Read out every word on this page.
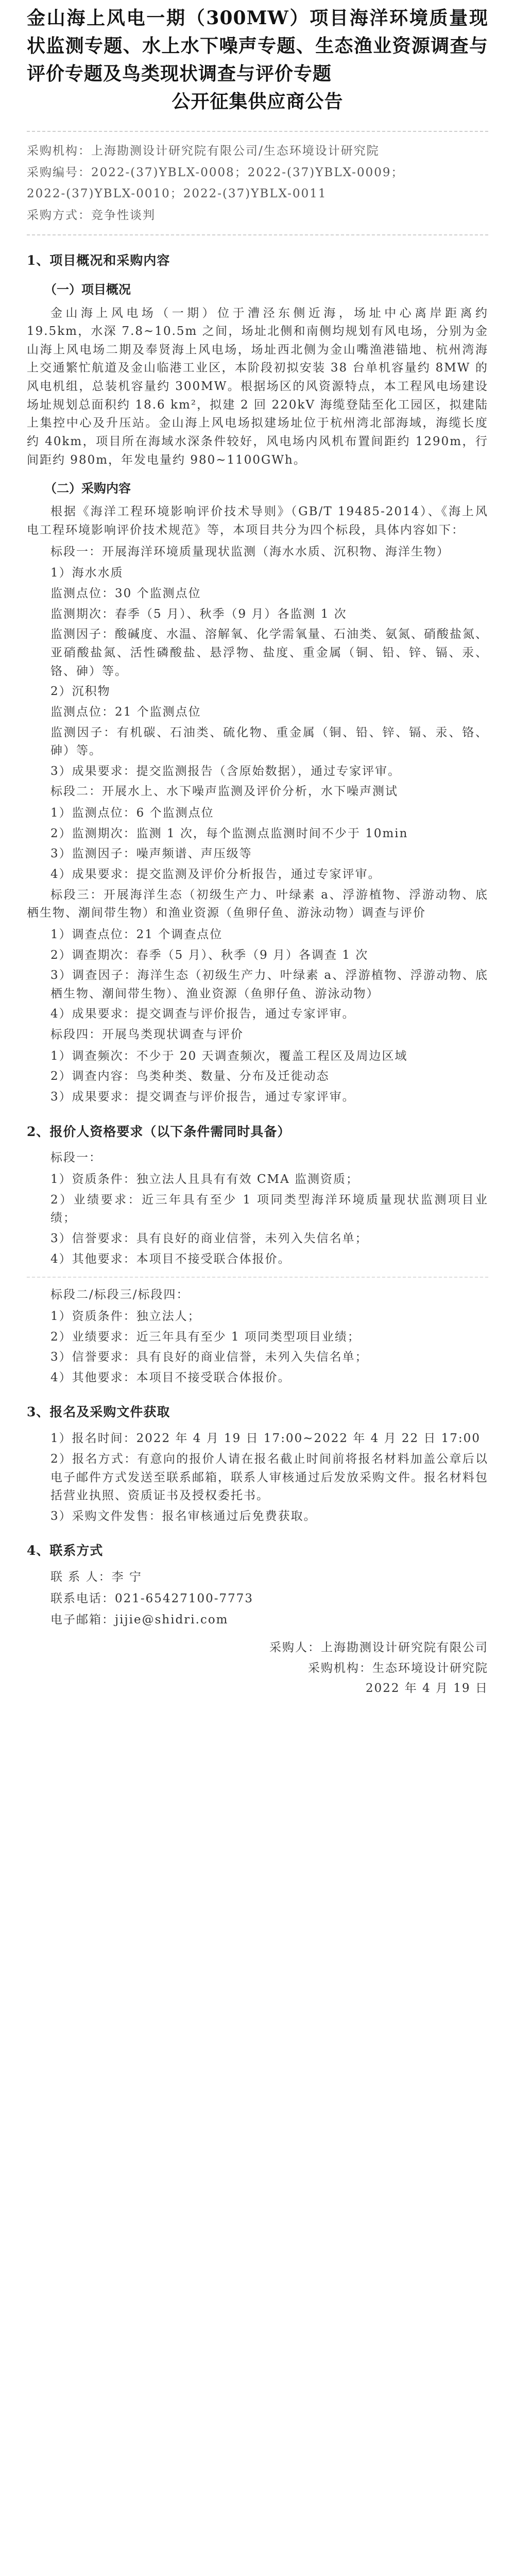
金山海上风电一期（300MW）项目海洋环境质量现状监测专题、水上水下噪声专题、生态渔业资源调查与评价专题及鸟类现状调查与评价专题
公开征集供应商公告
采购机构：上海勘测设计研究院有限公司/生态环境设计研究院
采购编号：2022-(37)YBLX-0008；2022-(37)YBLX-0009；
2022-(37)YBLX-0010；2022-(37)YBLX-0011
采购方式：竞争性谈判
1、项目概况和采购内容
（一）项目概况

金山海上风电场（一期）位于漕泾东侧近海，场址中心离岸距离约 19.5km，水深 7.8~10.5m 之间，场址北侧和南侧均规划有风电场，分别为金山海上风电场二期及奉贤海上风电场，场址西北侧为金山嘴渔港锚地、杭州湾海上交通繁忙航道及金山临港工业区，本阶段初拟安装 38 台单机容量约 8MW 的风电机组，总装机容量约 300MW。根据场区的风资源特点，本工程风电场建设场址规划总面积约 18.6 km²，拟建 2 回 220kV 海缆登陆至化工园区，拟建陆上集控中心及升压站。金山海上风电场拟建场址位于杭州湾北部海域，海缆长度约 40km，项目所在海域水深条件较好，风电场内风机布置间距约 1290m，行间距约 980m，年发电量约 980~1100GWh。

（二）采购内容

根据《海洋工程环境影响评价技术导则》（GB/T 19485-2014）、《海上风电工程环境影响评价技术规范》等，本项目共分为四个标段，具体内容如下：

标段一：开展海洋环境质量现状监测（海水水质、沉积物、海洋生物）

1）海水水质

监测点位：30 个监测点位

监测期次：春季（5 月）、秋季（9 月）各监测 1 次

监测因子：酸碱度、水温、溶解氧、化学需氧量、石油类、氨氮、硝酸盐氮、亚硝酸盐氮、活性磷酸盐、悬浮物、盐度、重金属（铜、铅、锌、镉、汞、铬、砷）等。

2）沉积物

监测点位：21 个监测点位

监测因子：有机碳、石油类、硫化物、重金属（铜、铅、锌、镉、汞、铬、砷）等。

3）成果要求：提交监测报告（含原始数据），通过专家评审。

标段二：开展水上、水下噪声监测及评价分析，水下噪声测试

1）监测点位：6 个监测点位

2）监测期次：监测 1 次，每个监测点监测时间不少于 10min

3）监测因子：噪声频谱、声压级等

4）成果要求：提交监测及评价分析报告，通过专家评审。

标段三：开展海洋生态（初级生产力、叶绿素 a、浮游植物、浮游动物、底栖生物、潮间带生物）和渔业资源（鱼卵仔鱼、游泳动物）调查与评价

1）调查点位：21 个调查点位

2）调查期次：春季（5 月）、秋季（9 月）各调查 1 次

3）调查因子：海洋生态（初级生产力、叶绿素 a、浮游植物、浮游动物、底栖生物、潮间带生物）、渔业资源（鱼卵仔鱼、游泳动物）

4）成果要求：提交调查与评价报告，通过专家评审。

标段四：开展鸟类现状调查与评价

1）调查频次：不少于 20 天调查频次，覆盖工程区及周边区域

2）调查内容：鸟类种类、数量、分布及迁徙动态

3）成果要求：提交调查与评价报告，通过专家评审。

2、报价人资格要求（以下条件需同时具备）

标段一：

1）资质条件：独立法人且具有有效 CMA 监测资质；

2）业绩要求：近三年具有至少 1 项同类型海洋环境质量现状监测项目业绩；

3）信誉要求：具有良好的商业信誉，未列入失信名单；

4）其他要求：本项目不接受联合体报价。

标段二/标段三/标段四：

1）资质条件：独立法人；

2）业绩要求：近三年具有至少 1 项同类型项目业绩；

3）信誉要求：具有良好的商业信誉，未列入失信名单；

4）其他要求：本项目不接受联合体报价。

3、报名及采购文件获取

1）报名时间：2022 年 4 月 19 日 17:00~2022 年 4 月 22 日 17:00

2）报名方式：有意向的报价人请在报名截止时间前将报名材料加盖公章后以电子邮件方式发送至联系邮箱，联系人审核通过后发放采购文件。报名材料包括营业执照、资质证书及授权委托书。

3）采购文件发售：报名审核通过后免费获取。

4、联系方式

联 系 人：李 宁

联系电话：021-65427100-7773

电子邮箱：jijie@shidri.com

采购人：上海勘测设计研究院有限公司

采购机构：生态环境设计研究院

2022 年 4 月 19 日
